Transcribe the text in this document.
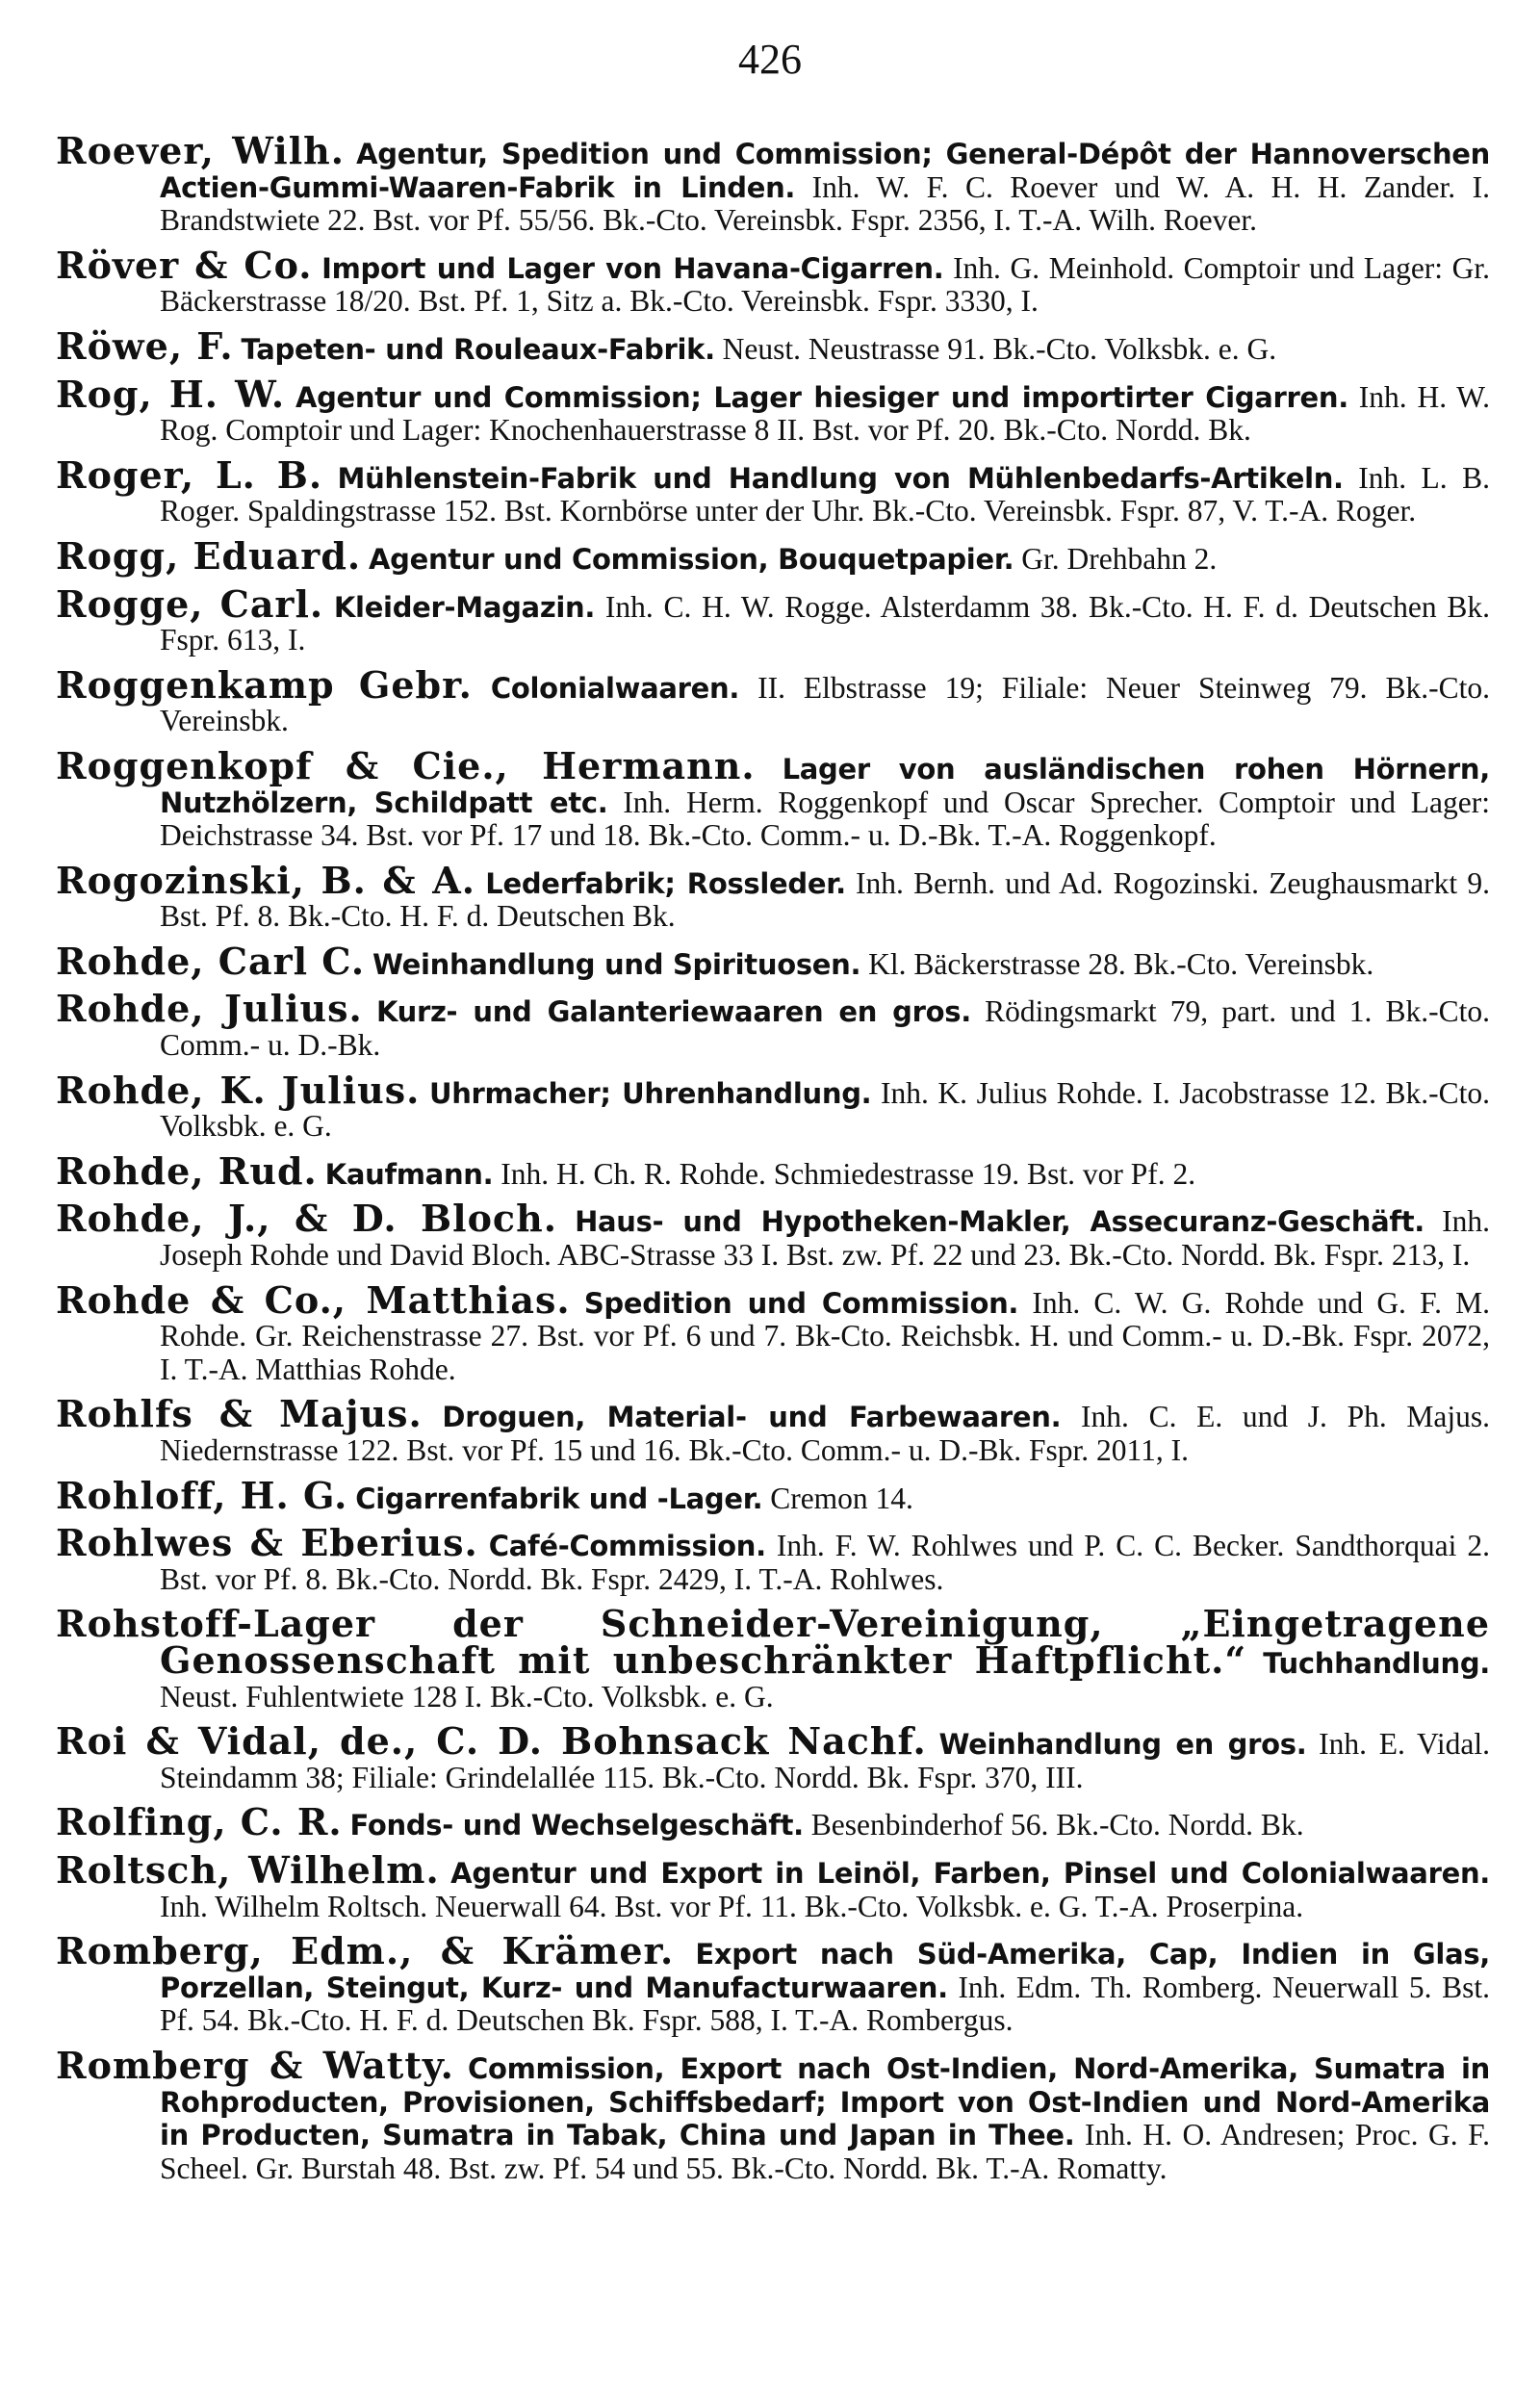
426
Roever, Wilh. Agentur, Spedition und Commission; General-Dépôt der Hannoverschen Actien-Gummi-Waaren-Fabrik in Linden. Inh. W. F. C. Roever und W. A. H. H. Zander. I. Brandstwiete 22. Bst. vor Pf. 55/56. Bk.-Cto. Vereinsbk. Fspr. 2356, I. T.-A. Wilh. Roever.
Röver & Co. Import und Lager von Havana-Cigarren. Inh. G. Meinhold. Comptoir und Lager: Gr. Bäckerstrasse 18/20. Bst. Pf. 1, Sitz a. Bk.-Cto. Vereinsbk. Fspr. 3330, I.
Röwe, F. Tapeten- und Rouleaux-Fabrik. Neust. Neustrasse 91. Bk.-Cto. Volksbk. e. G.
Rog, H. W. Agentur und Commission; Lager hiesiger und importirter Cigarren. Inh. H. W. Rog. Comptoir und Lager: Knochenhauerstrasse 8 II. Bst. vor Pf. 20. Bk.-Cto. Nordd. Bk.
Roger, L. B. Mühlenstein-Fabrik und Handlung von Mühlenbedarfs-Artikeln. Inh. L. B. Roger. Spaldingstrasse 152. Bst. Kornbörse unter der Uhr. Bk.-Cto. Vereinsbk. Fspr. 87, V. T.-A. Roger.
Rogg, Eduard. Agentur und Commission, Bouquetpapier. Gr. Drehbahn 2.
Rogge, Carl. Kleider-Magazin. Inh. C. H. W. Rogge. Alsterdamm 38. Bk.-Cto. H. F. d. Deutschen Bk. Fspr. 613, I.
Roggenkamp Gebr. Colonialwaaren. II. Elbstrasse 19; Filiale: Neuer Steinweg 79. Bk.-Cto. Vereinsbk.
Roggenkopf & Cie., Hermann. Lager von ausländischen rohen Hörnern, Nutzhölzern, Schildpatt etc. Inh. Herm. Roggenkopf und Oscar Sprecher. Comptoir und Lager: Deichstrasse 34. Bst. vor Pf. 17 und 18. Bk.-Cto. Comm.- u. D.-Bk. T.-A. Roggenkopf.
Rogozinski, B. & A. Lederfabrik; Rossleder. Inh. Bernh. und Ad. Rogozinski. Zeughausmarkt 9. Bst. Pf. 8. Bk.-Cto. H. F. d. Deutschen Bk.
Rohde, Carl C. Weinhandlung und Spirituosen. Kl. Bäckerstrasse 28. Bk.-Cto. Vereinsbk.
Rohde, Julius. Kurz- und Galanteriewaaren en gros. Rödingsmarkt 79, part. und 1. Bk.-Cto. Comm.- u. D.-Bk.
Rohde, K. Julius. Uhrmacher; Uhrenhandlung. Inh. K. Julius Rohde. I. Jacobstrasse 12. Bk.-Cto. Volksbk. e. G.
Rohde, Rud. Kaufmann. Inh. H. Ch. R. Rohde. Schmiedestrasse 19. Bst. vor Pf. 2.
Rohde, J., & D. Bloch. Haus- und Hypotheken-Makler, Assecuranz-Geschäft. Inh. Joseph Rohde und David Bloch. ABC-Strasse 33 I. Bst. zw. Pf. 22 und 23. Bk.-Cto. Nordd. Bk. Fspr. 213, I.
Rohde & Co., Matthias. Spedition und Commission. Inh. C. W. G. Rohde und G. F. M. Rohde. Gr. Reichenstrasse 27. Bst. vor Pf. 6 und 7. Bk-Cto. Reichsbk. H. und Comm.- u. D.-Bk. Fspr. 2072, I. T.-A. Matthias Rohde.
Rohlfs & Majus. Droguen, Material- und Farbewaaren. Inh. C. E. und J. Ph. Majus. Niedernstrasse 122. Bst. vor Pf. 15 und 16. Bk.-Cto. Comm.- u. D.-Bk. Fspr. 2011, I.
Rohloff, H. G. Cigarrenfabrik und -Lager. Cremon 14.
Rohlwes & Eberius. Café-Commission. Inh. F. W. Rohlwes und P. C. C. Becker. Sandthorquai 2. Bst. vor Pf. 8. Bk.-Cto. Nordd. Bk. Fspr. 2429, I. T.-A. Rohlwes.
Rohstoff-Lager der Schneider-Vereinigung, „Eingetragene Genossenschaft mit unbeschränkter Haftpflicht.“ Tuchhandlung. Neust. Fuhlentwiete 128 I. Bk.-Cto. Volksbk. e. G.
Roi & Vidal, de., C. D. Bohnsack Nachf. Weinhandlung en gros. Inh. E. Vidal. Steindamm 38; Filiale: Grindelallée 115. Bk.-Cto. Nordd. Bk. Fspr. 370, III.
Rolfing, C. R. Fonds- und Wechselgeschäft. Besenbinderhof 56. Bk.-Cto. Nordd. Bk.
Roltsch, Wilhelm. Agentur und Export in Leinöl, Farben, Pinsel und Colonialwaaren. Inh. Wilhelm Roltsch. Neuerwall 64. Bst. vor Pf. 11. Bk.-Cto. Volksbk. e. G. T.-A. Proserpina.
Romberg, Edm., & Krämer. Export nach Süd-Amerika, Cap, Indien in Glas, Porzellan, Steingut, Kurz- und Manufacturwaaren. Inh. Edm. Th. Romberg. Neuerwall 5. Bst. Pf. 54. Bk.-Cto. H. F. d. Deutschen Bk. Fspr. 588, I. T.-A. Rombergus.
Romberg & Watty. Commission, Export nach Ost-Indien, Nord-Amerika, Sumatra in Rohproducten, Provisionen, Schiffsbedarf; Import von Ost-Indien und Nord-Amerika in Producten, Sumatra in Tabak, China und Japan in Thee. Inh. H. O. Andresen; Proc. G. F. Scheel. Gr. Burstah 48. Bst. zw. Pf. 54 und 55. Bk.-Cto. Nordd. Bk. T.-A. Romatty.
